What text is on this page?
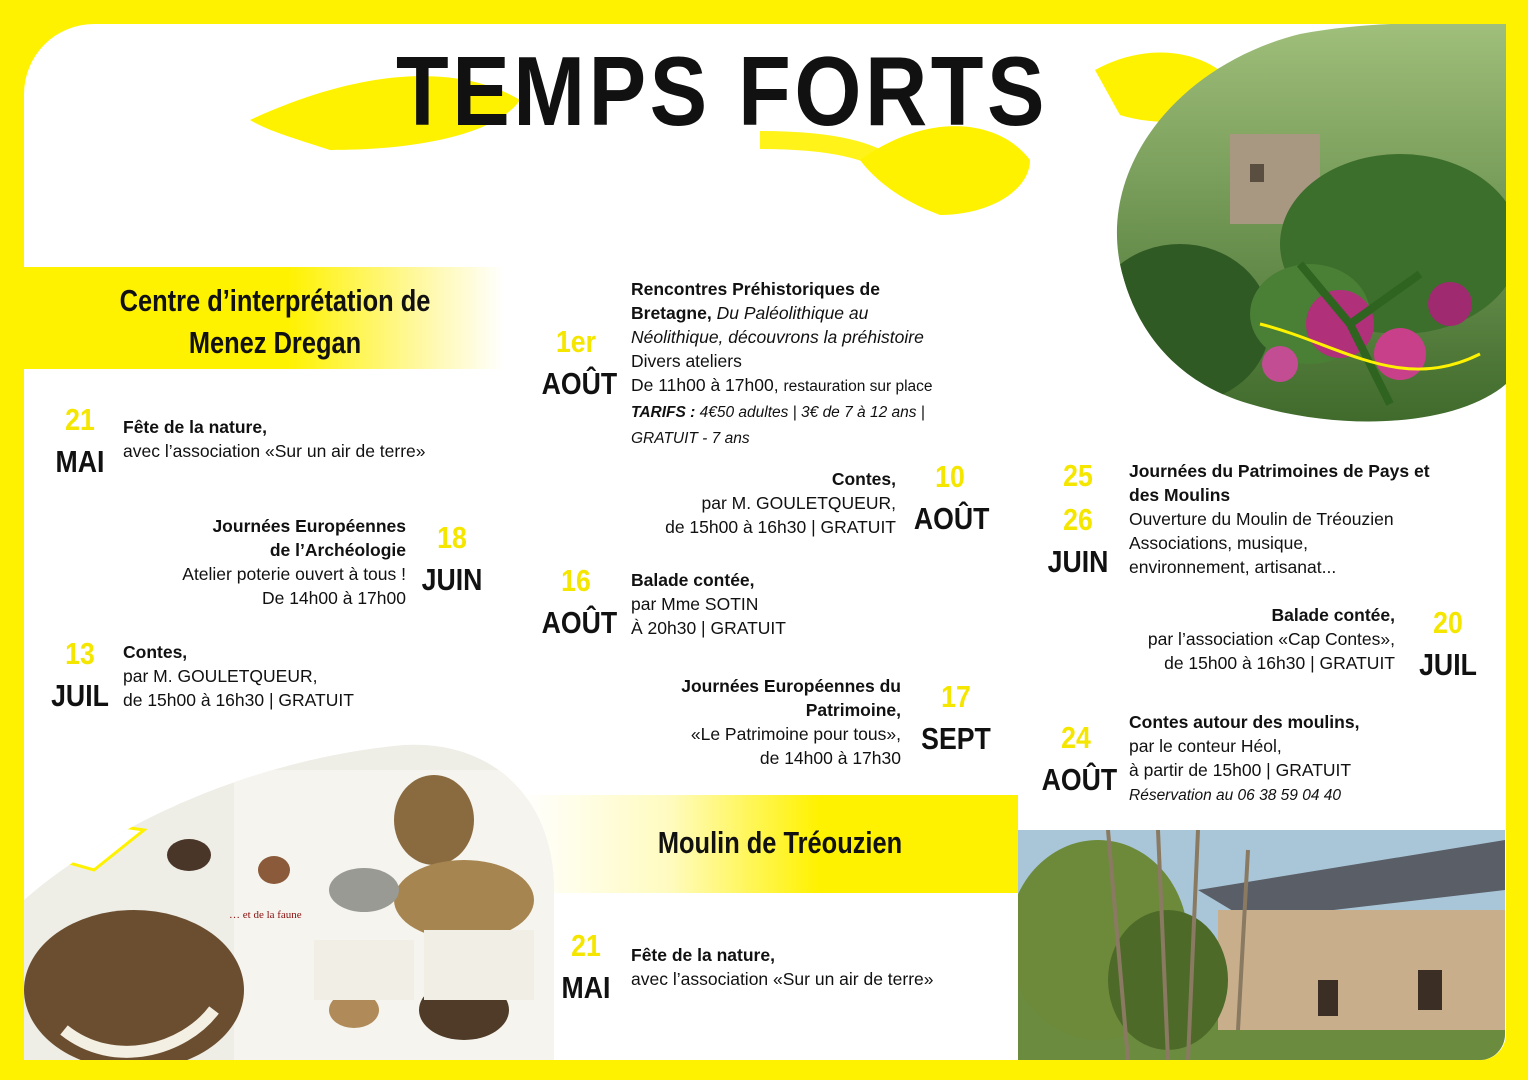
TEMPS FORTS
Centre d’interprétation de
Menez Dregan
Moulin de Tréouzien
… et de la faune
21
MAI
Fête de la nature,
avec l’association «Sur un air de terre»
Journées Européennes
de l’Archéologie
Atelier poterie ouvert à tous !
De 14h00 à 17h00
18
JUIN
13
JUIL
Contes,
par M. GOULETQUEUR,
de 15h00 à 16h30 | GRATUIT
1er
AOÛT
Rencontres Préhistoriques de
Bretagne, Du Paléolithique au
Néolithique, découvrons la préhistoire
Divers ateliers
De 11h00 à 17h00, restauration sur place
TARIFS : 4€50 adultes | 3€ de 7 à 12 ans |
GRATUIT - 7 ans
Contes,
par M. GOULETQUEUR,
de 15h00 à 16h30 | GRATUIT
10
AOÛT
16
AOÛT
Balade contée,
par Mme SOTIN
À 20h30 | GRATUIT
Journées Européennes du
Patrimoine,
«Le Patrimoine pour tous»,
de 14h00 à 17h30
17
SEPT
25
26
JUIN
Journées du Patrimoines de Pays et
des Moulins
Ouverture du Moulin de Tréouzien
Associations, musique,
environnement, artisanat...
Balade contée,
par l’association «Cap Contes»,
de 15h00 à 16h30 | GRATUIT
20
JUIL
24
AOÛT
Contes autour des moulins,
par le conteur Héol,
à partir de 15h00 | GRATUIT
Réservation au 06 38 59 04 40
21
MAI
Fête de la nature,
avec l’association «Sur un air de terre»
